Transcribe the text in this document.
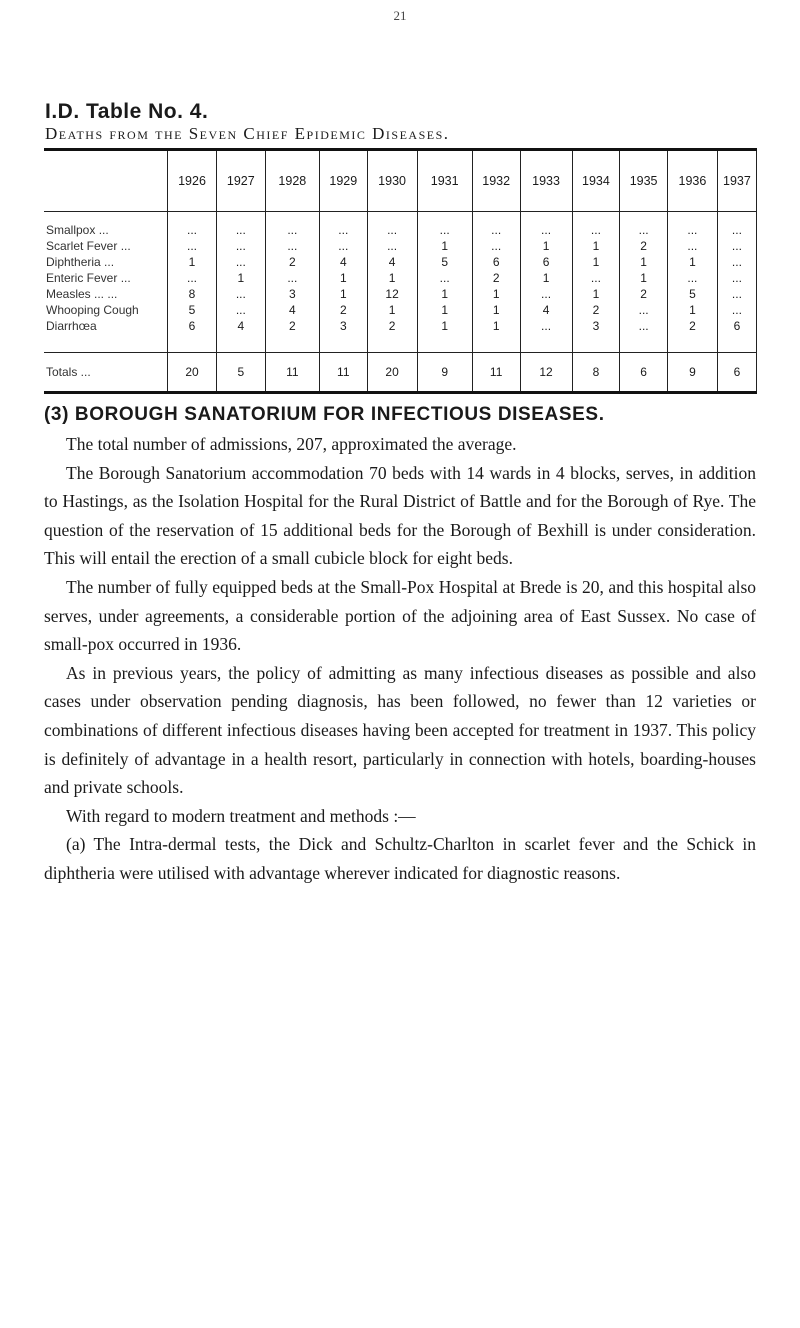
21
I.D. Table No. 4.
Deaths from the Seven Chief Epidemic Diseases.
	1926	1927	1928	1929	1930	1931	1932	1933	1934	1935	1936	1937

Smallpox ...	...	...	...	...	...	...	...	...	...	...	...	...
Scarlet Fever ...	...	...	...	...	...	1	...	1	1	2	...	...
Diphtheria ...	1	...	2	4	4	5	6	6	1	1	1	...
Enteric Fever ...	...	1	...	1	1	...	2	1	...	1	...	...
Measles ... ...	8	...	3	1	12	1	1	...	1	2	5	...
Whooping Cough	5	...	4	2	1	1	1	4	2	...	1	...
Diarrhœa	6	4	2	3	2	1	1	...	3	...	2	6

Totals ...	20	5	11	11	20	9	11	12	8	6	9	6
(3) BOROUGH SANATORIUM FOR INFECTIOUS DISEASES.

The total number of admissions, 207, approximated the average.

The Borough Sanatorium accommodation 70 beds with 14 wards in 4 blocks, serves, in addition to Hastings, as the Isolation Hospital for the Rural District of Battle and for the Borough of Rye. The question of the reservation of 15 additional beds for the Borough of Bexhill is under consideration. This will entail the erection of a small cubicle block for eight beds.

The number of fully equipped beds at the Small-Pox Hospital at Brede is 20, and this hospital also serves, under agreements, a considerable portion of the adjoining area of East Sussex. No case of small-pox occurred in 1936.

As in previous years, the policy of admitting as many infectious diseases as possible and also cases under observation pending diagnosis, has been followed, no fewer than 12 varieties or combinations of different infectious diseases having been accepted for treatment in 1937. This policy is definitely of advantage in a health resort, particularly in connection with hotels, boarding-houses and private schools.

With regard to modern treatment and methods :—

(a) The Intra-dermal tests, the Dick and Schultz-Charlton in scarlet fever and the Schick in diphtheria were utilised with advantage wherever indicated for diagnostic reasons.
